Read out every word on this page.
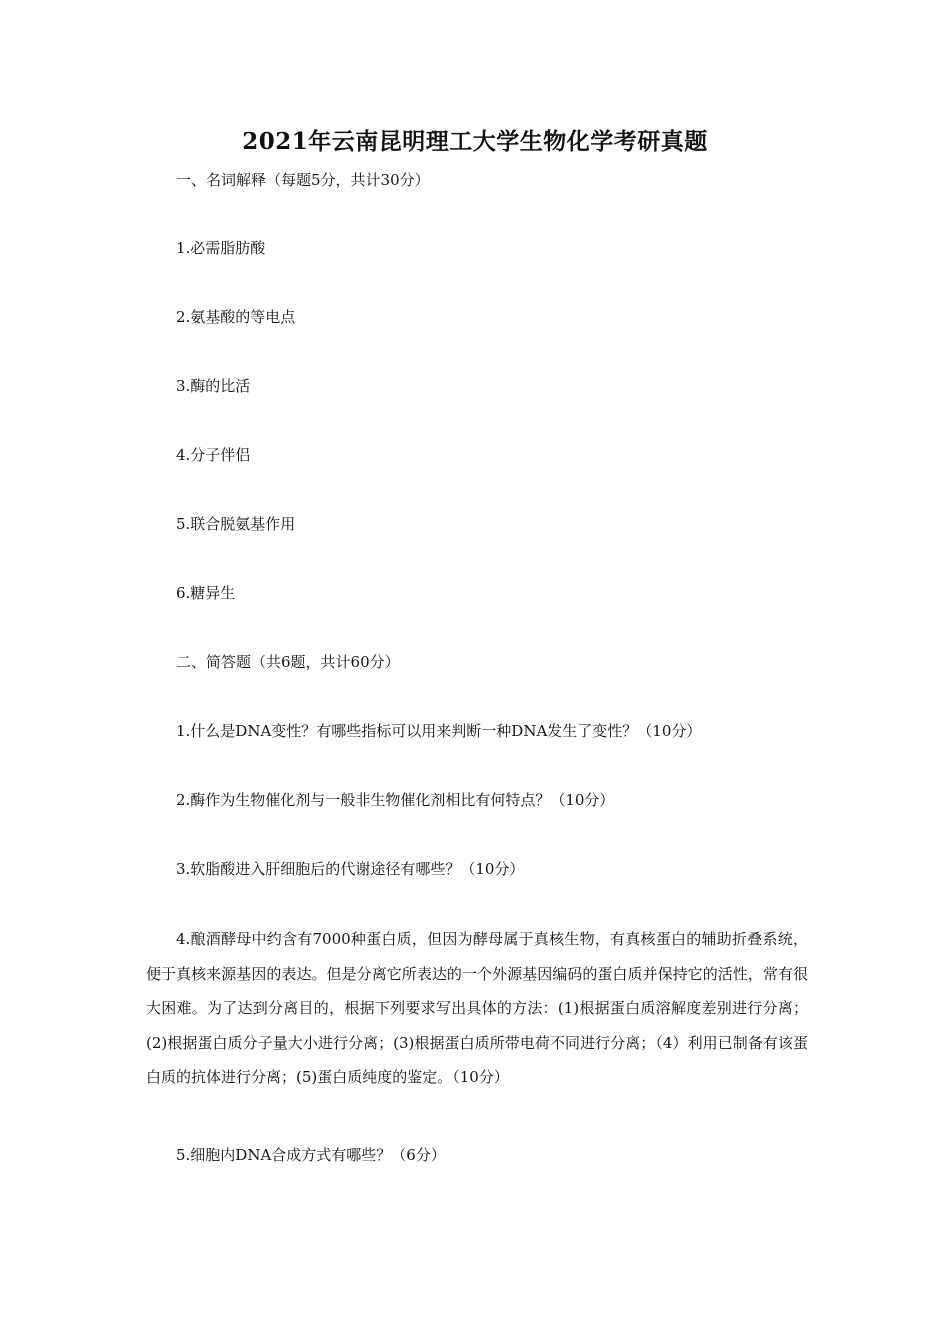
2021年云南昆明理工大学生物化学考研真题
一、名词解释（每题5分，共计30分）
1.必需脂肪酸
2.氨基酸的等电点
3.酶的比活
4.分子伴侣
5.联合脱氨基作用
6.糖异生
二、简答题（共6题，共计60分）
1.什么是DNA变性？有哪些指标可以用来判断一种DNA发生了变性？（10分）
2.酶作为生物催化剂与一般非生物催化剂相比有何特点？（10分）
3.软脂酸进入肝细胞后的代谢途径有哪些？（10分）
4.酿酒酵母中约含有7000种蛋白质，但因为酵母属于真核生物，有真核蛋白的辅助折叠系统，便于真核来源基因的表达。但是分离它所表达的一个外源基因编码的蛋白质并保持它的活性，常有很大困难。为了达到分离目的，根据下列要求写出具体的方法：(1)根据蛋白质溶解度差别进行分离；(2)根据蛋白质分子量大小进行分离；(3)根据蛋白质所带电荷不同进行分离；（4）利用已制备有该蛋白质的抗体进行分离；(5)蛋白质纯度的鉴定。（10分）
5.细胞内DNA合成方式有哪些？（6分）
